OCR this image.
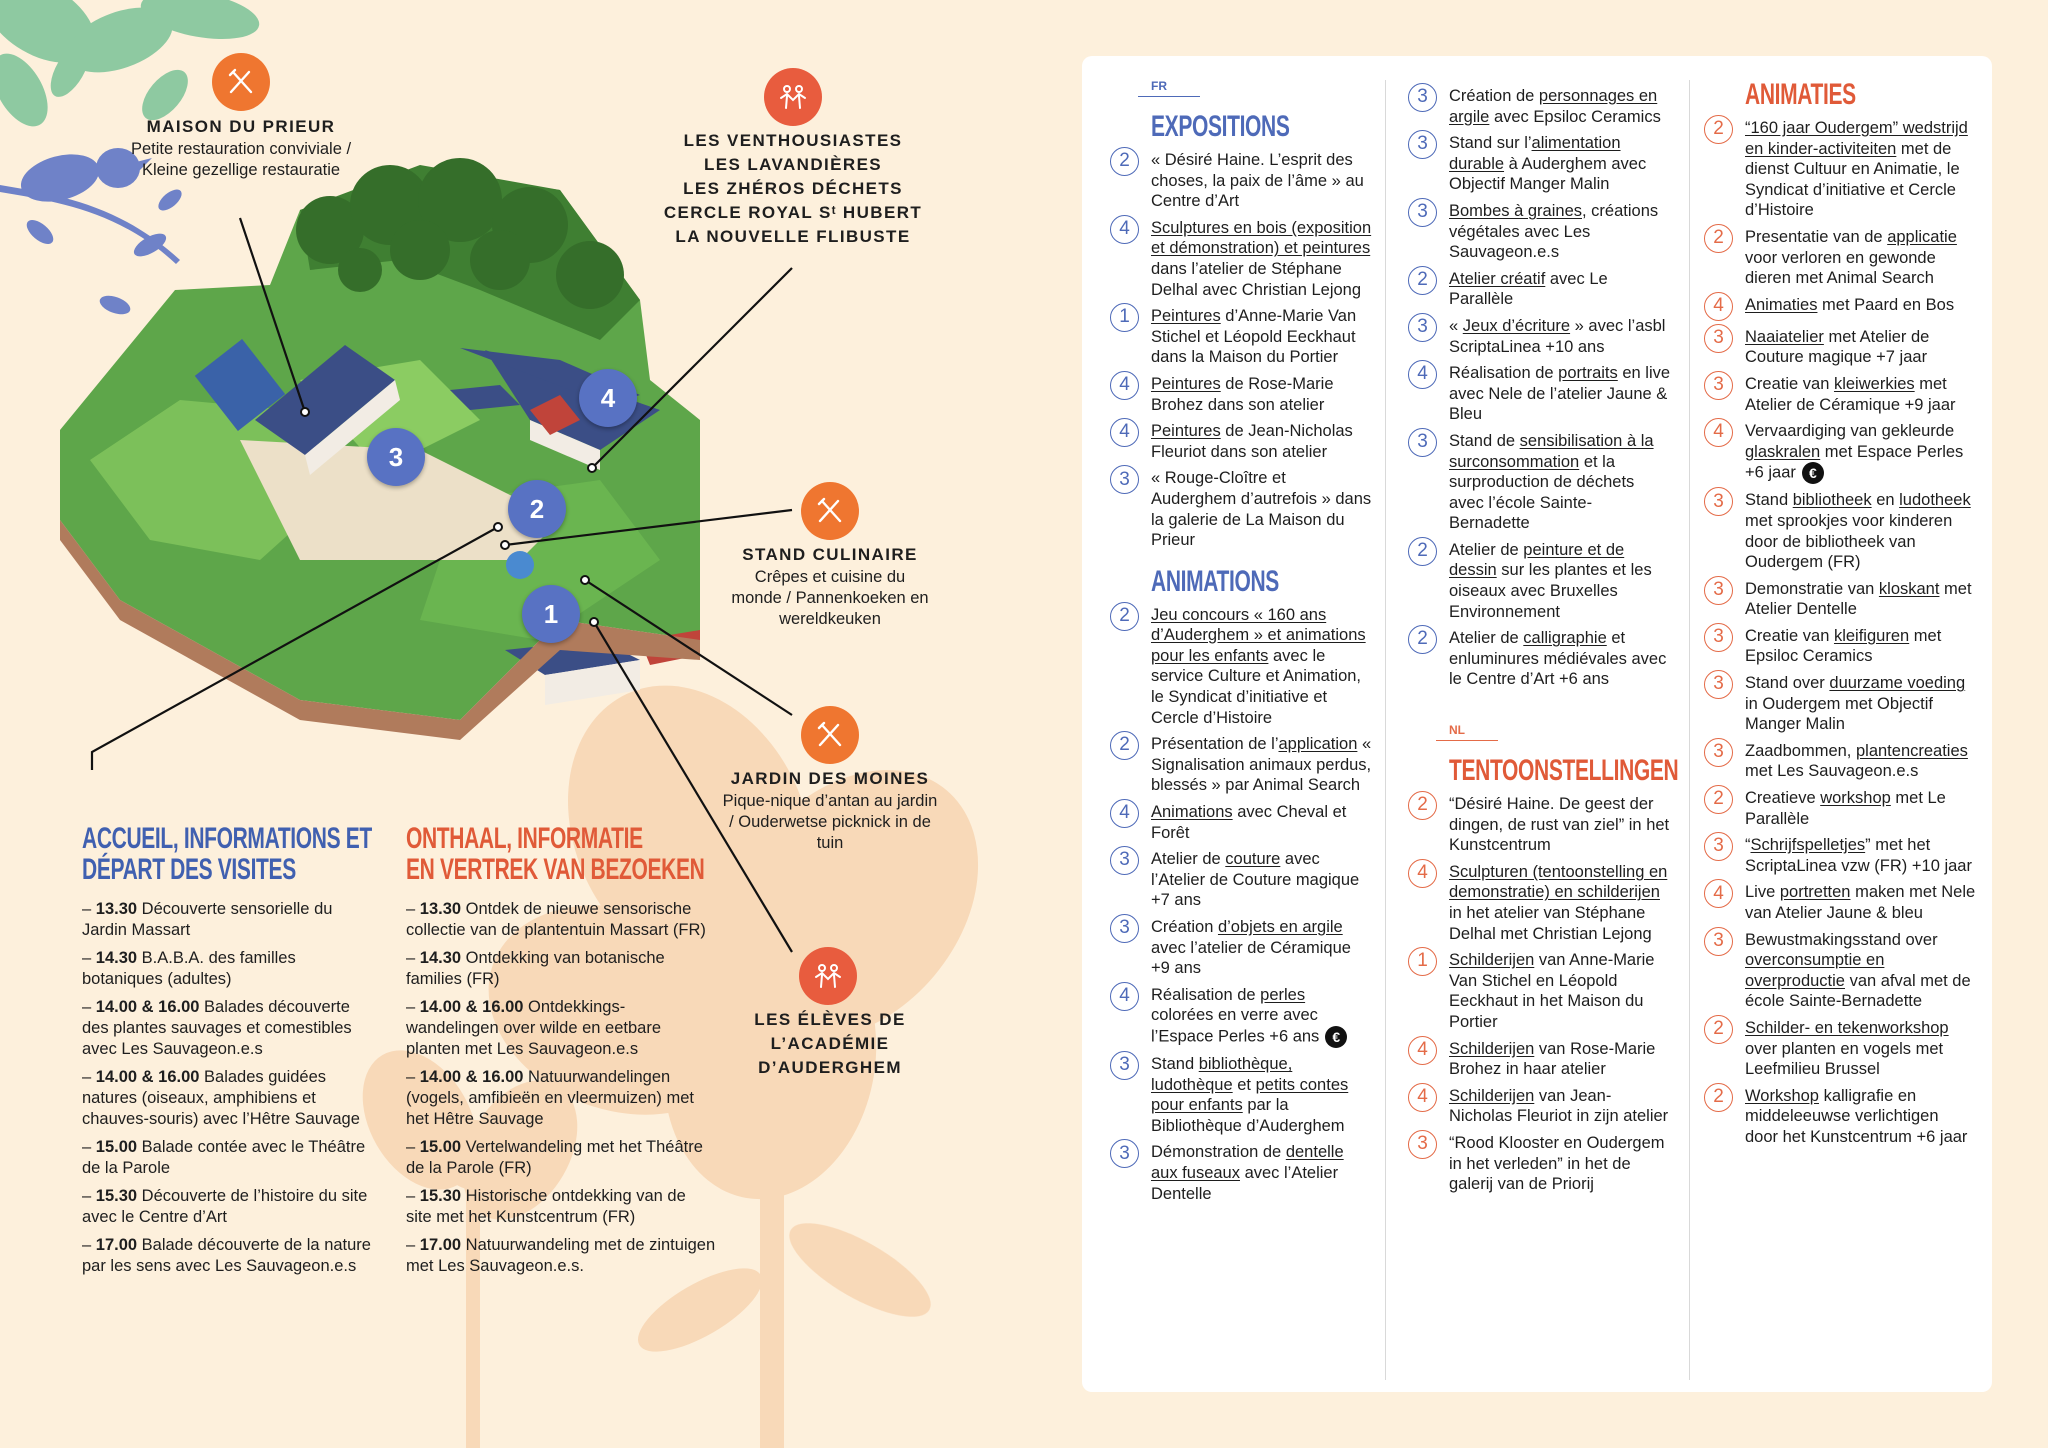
1
2
3
4
MAISON DU PRIEUR
Petite restauration conviviale / Kleine gezellige restauratie
LES VENTHOUSIASTES
LES LAVANDIÈRES
LES ZHÉROS DÉCHETS
CERCLE ROYAL Sᵗ HUBERT
LA NOUVELLE FLIBUSTE
STAND CULINAIRE
Crêpes et cuisine du monde / Pannenkoeken en wereldkeuken
JARDIN DES MOINES
Pique-nique d’antan au jardin / Ouderwetse picknick in de tuin
LES ÉLÈVES DE
L’ACADÉMIE
D’AUDERGHEM
ACCUEIL, INFORMATIONS ET
DÉPART DES VISITES
– 13.30 Découverte sensorielle du Jardin Massart
– 14.30 B.A.B.A. des familles botaniques (adultes)
– 14.00 & 16.00 Balades découverte des plantes sauvages et comestibles avec Les Sauvageon.e.s
– 14.00 & 16.00 Balades guidées natures (oiseaux, amphibiens et chauves-souris) avec l’Hêtre Sauvage
– 15.00 Balade contée avec le Théâtre de la Parole
– 15.30 Découverte de l’histoire du site avec le Centre d’Art
– 17.00 Balade découverte de la nature par les sens avec Les Sauvageon.e.s
ONTHAAL, INFORMATIE
EN VERTREK VAN BEZOEKEN
– 13.30 Ontdek de nieuwe sensorische collectie van de plantentuin Massart (FR)
– 14.30 Ontdekking van botanische families (FR)
– 14.00 & 16.00 Ontdekkings-wandelingen over wilde en eetbare planten met Les Sauvageon.e.s
– 14.00 & 16.00 Natuurwandelingen (vogels, amfibieën en vleermuizen) met het Hêtre Sauvage
– 15.00 Vertelwandeling met het Théâtre de la Parole (FR)
– 15.30 Historische ontdekking van de site met het Kunstcentrum (FR)
– 17.00 Natuurwandeling met de zintuigen met Les Sauvageon.e.s.
FR
EXPOSITIONS
2	« Désiré Haine. L’esprit des choses, la paix de l’âme » au Centre d’Art
4	Sculptures en bois (exposition et démonstration) et peintures dans l’atelier de Stéphane Delhal avec Christian Lejong
1	Peintures d’Anne-Marie Van Stichel et Léopold Eeckhaut dans la Maison du Portier
4	Peintures de Rose-Marie Brohez dans son atelier
4	Peintures de Jean-Nicholas Fleuriot dans son atelier
3	« Rouge-Cloître et Auderghem d’autrefois » dans la galerie de La Maison du Prieur
ANIMATIONS
2	Jeu concours « 160 ans d’Auderghem » et animations pour les enfants avec le service Culture et Animation, le Syndicat d’initiative et Cercle d’Histoire
2	Présentation de l’application « Signalisation animaux perdus, blessés » par Animal Search
4	Animations avec Cheval et Forêt
3	Atelier de couture avec l’Atelier de Couture magique +7 ans
3	Création d’objets en argile avec l’atelier de Céramique +9 ans
4	Réalisation de perles colorées en verre avec l’Espace Perles +6 ans €
3	Stand bibliothèque, ludothèque et petits contes pour enfants par la Bibliothèque d’Auderghem
3	Démonstration de dentelle aux fuseaux avec l’Atelier Dentelle
3	Création de personnages en argile avec Epsiloc Ceramics
3	Stand sur l’alimentation durable à Auderghem avec Objectif Manger Malin
3	Bombes à graines, créations végétales avec Les Sauvageon.e.s
2	Atelier créatif avec Le Parallèle
3	« Jeux d’écriture » avec l’asbl ScriptaLinea +10 ans
4	Réalisation de portraits en live avec Nele de l’atelier Jaune & Bleu
3	Stand de sensibilisation à la surconsommation et la surproduction de déchets avec l’école Sainte-Bernadette
2	Atelier de peinture et de dessin sur les plantes et les oiseaux avec Bruxelles Environnement
2	Atelier de calligraphie et enluminures médiévales avec le Centre d’Art +6 ans
NL
TENTOONSTELLINGEN
2	“Désiré Haine. De geest der dingen, de rust van ziel” in het Kunstcentrum
4	Sculpturen (tentoonstelling en demonstratie) en schilderijen in het atelier van Stéphane Delhal met Christian Lejong
1	Schilderijen van Anne-Marie Van Stichel en Léopold Eeckhaut in het Maison du Portier
4	Schilderijen van Rose-Marie Brohez in haar atelier
4	Schilderijen van Jean-Nicholas Fleuriot in zijn atelier
3	“Rood Klooster en Oudergem in het verleden” in het de galerij van de Priorij
ANIMATIES
2	“160 jaar Oudergem” wedstrijd en kinder-activiteiten met de dienst Cultuur en Animatie, le Syndicat d’initiative et Cercle d’Histoire
2	Presentatie van de applicatie voor verloren en gewonde dieren met Animal Search
4	Animaties met Paard en Bos
3	Naaiatelier met Atelier de Couture magique +7 jaar
3	Creatie van kleiwerkies met Atelier de Céramique +9 jaar
4	Vervaardiging van gekleurde glaskralen met Espace Perles +6 jaar €
3	Stand bibliotheek en ludotheek met sprookjes voor kinderen door de bibliotheek van Oudergem (FR)
3	Demonstratie van kloskant met Atelier Dentelle
3	Creatie van kleifiguren met Epsiloc Ceramics
3	Stand over duurzame voeding in Oudergem met Objectif Manger Malin
3	Zaadbommen, plantencreaties met Les Sauvageon.e.s
2	Creatieve workshop met Le Parallèle
3	“Schrijfspelletjes” met het ScriptaLinea vzw (FR) +10 jaar
4	Live portretten maken met Nele van Atelier Jaune & bleu
3	Bewustmakingsstand over overconsumptie en overproductie van afval met de école Sainte-Bernadette
2	Schilder- en tekenworkshop over planten en vogels met Leefmilieu Brussel
2	Workshop kalligrafie en middeleeuwse verlichtigen door het Kunstcentrum +6 jaar
